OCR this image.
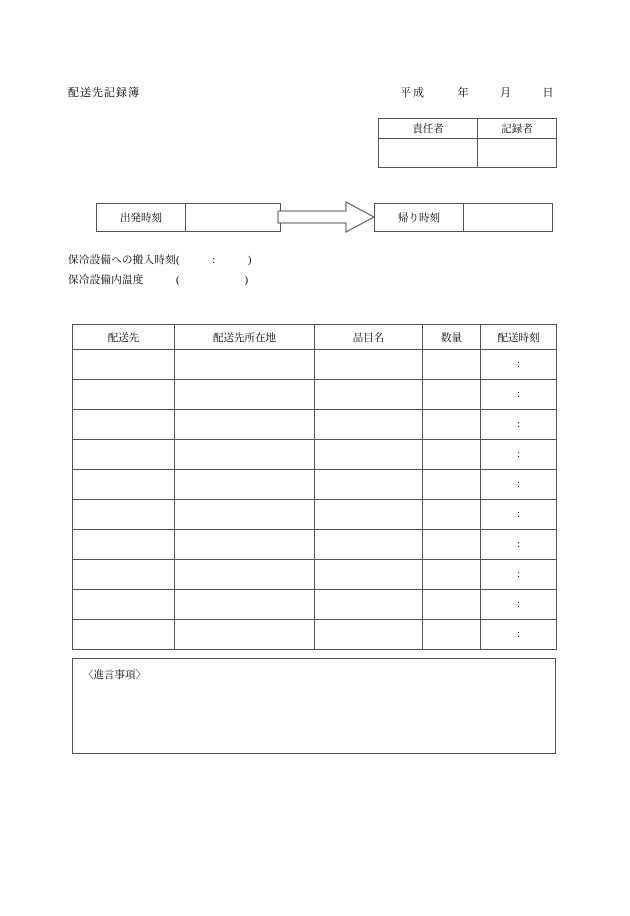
配送先記録簿	平成	年	月	日
責任者	記録者

出発時刻		帰り時刻	
保冷設備への搬入時刻(　　　:　　　)
保冷設備内温度　　　(　　　　　　)
配送先	配送先所在地	品目名	数量	配送時刻
				:
				:
				:
				:
				:
				:
				:
				:
				:
				:
〈進言事項〉
